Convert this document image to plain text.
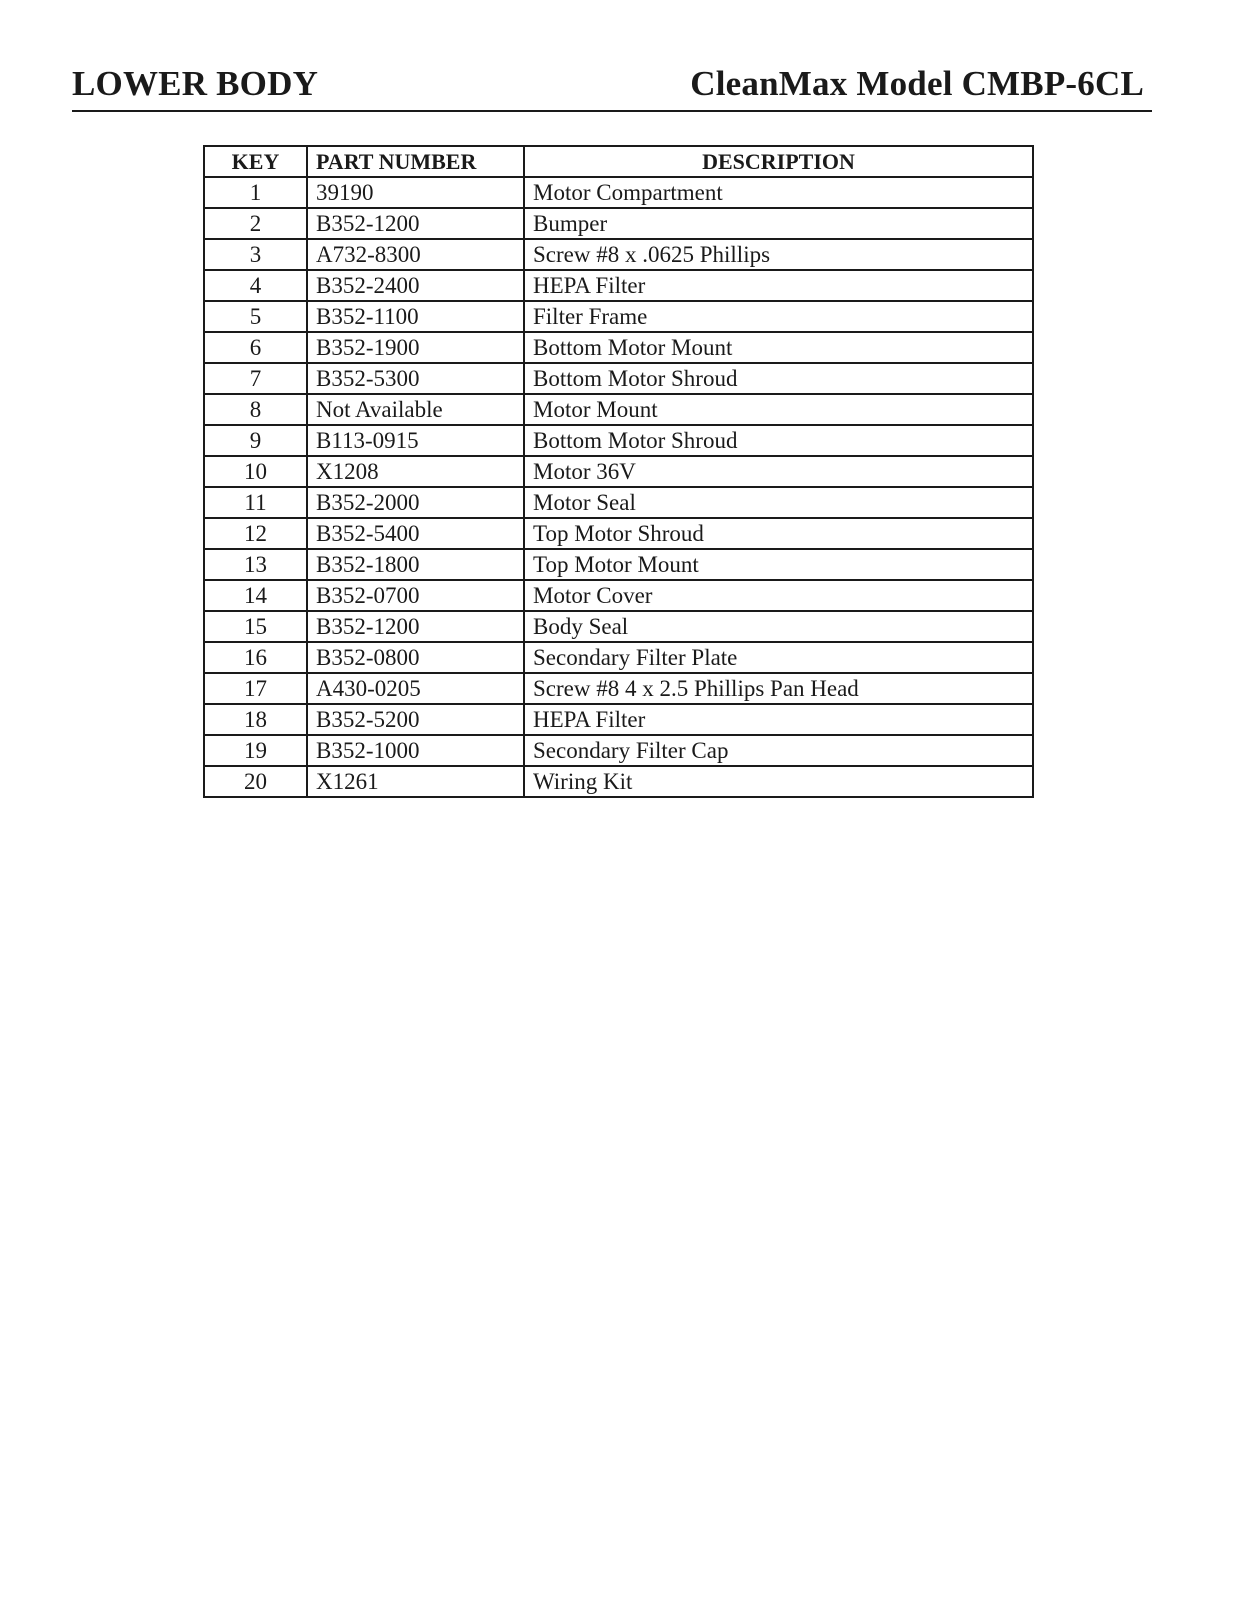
LOWER BODY	CleanMax Model CMBP-6CL
KEY	PART NUMBER	DESCRIPTION
1	39190	Motor Compartment
2	B352-1200	Bumper
3	A732-8300	Screw #8 x .0625 Phillips
4	B352-2400	HEPA Filter
5	B352-1100	Filter Frame
6	B352-1900	Bottom Motor Mount
7	B352-5300	Bottom Motor Shroud
8	Not Available	Motor Mount
9	B113-0915	Bottom Motor Shroud
10	X1208	Motor 36V
11	B352-2000	Motor Seal
12	B352-5400	Top Motor Shroud
13	B352-1800	Top Motor Mount
14	B352-0700	Motor Cover
15	B352-1200	Body Seal
16	B352-0800	Secondary Filter Plate
17	A430-0205	Screw #8 4 x 2.5 Phillips Pan Head
18	B352-5200	HEPA Filter
19	B352-1000	Secondary Filter Cap
20	X1261	Wiring Kit
